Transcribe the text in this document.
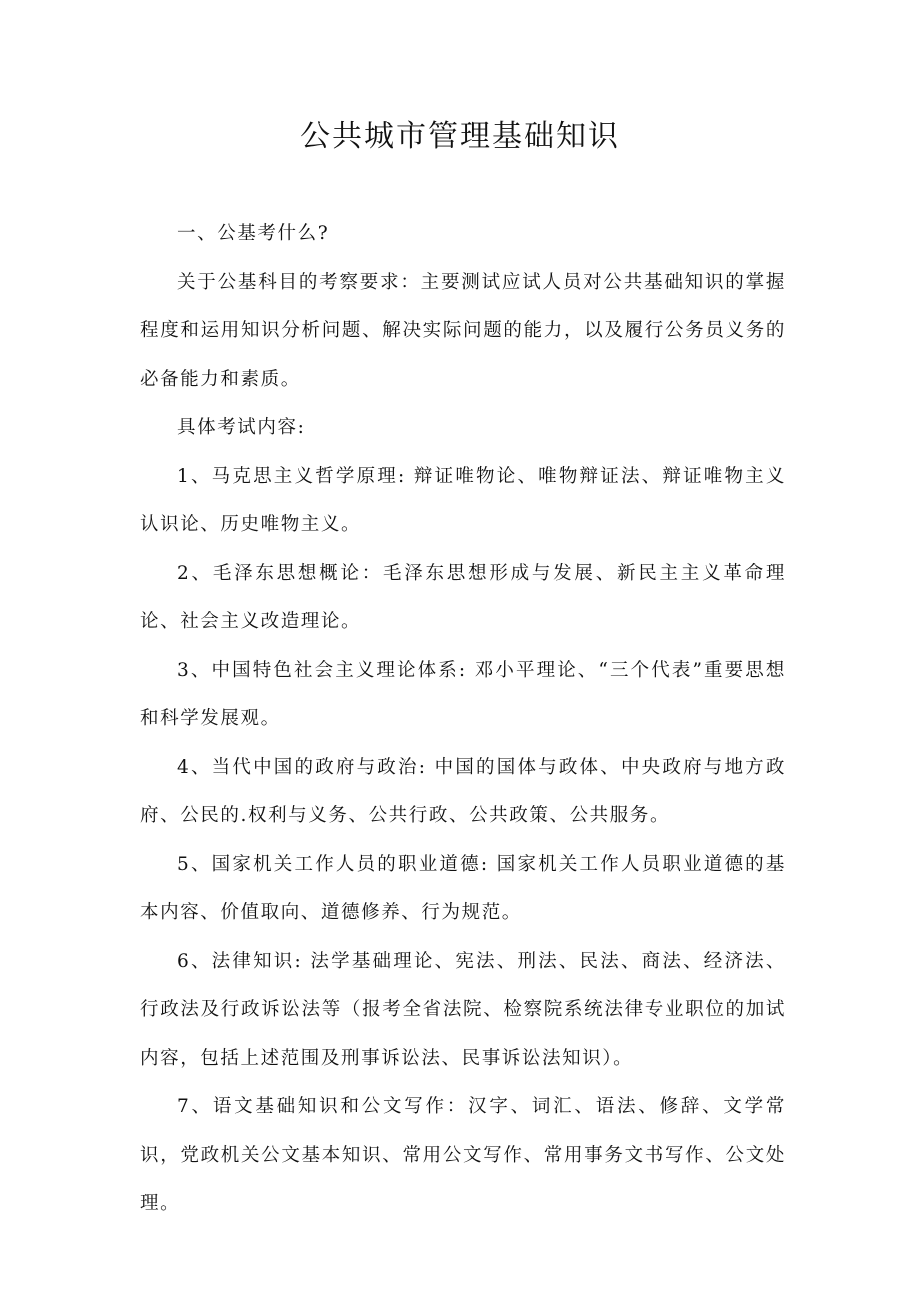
公共城市管理基础知识

一、公基考什么?

关于公基科目的考察要求：主要测试应试人员对公共基础知识的掌握程度和运用知识分析问题、解决实际问题的能力，以及履行公务员义务的必备能力和素质。

具体考试内容:

1、马克思主义哲学原理: 辩证唯物论、唯物辩证法、辩证唯物主义认识论、历史唯物主义。

2、毛泽东思想概论：毛泽东思想形成与发展、新民主主义革命理论、社会主义改造理论。

3、中国特色社会主义理论体系: 邓小平理论、“三个代表”重要思想和科学发展观。

4、当代中国的政府与政治: 中国的国体与政体、中央政府与地方政府、公民的.权利与义务、公共行政、公共政策、公共服务。

5、国家机关工作人员的职业道德: 国家机关工作人员职业道德的基本内容、价值取向、道德修养、行为规范。

6、法律知识: 法学基础理论、宪法、刑法、民法、商法、经济法、行政法及行政诉讼法等（报考全省法院、检察院系统法律专业职位的加试内容，包括上述范围及刑事诉讼法、民事诉讼法知识）。

7、语文基础知识和公文写作：汉字、词汇、语法、修辞、文学常识，党政机关公文基本知识、常用公文写作、常用事务文书写作、公文处理。
